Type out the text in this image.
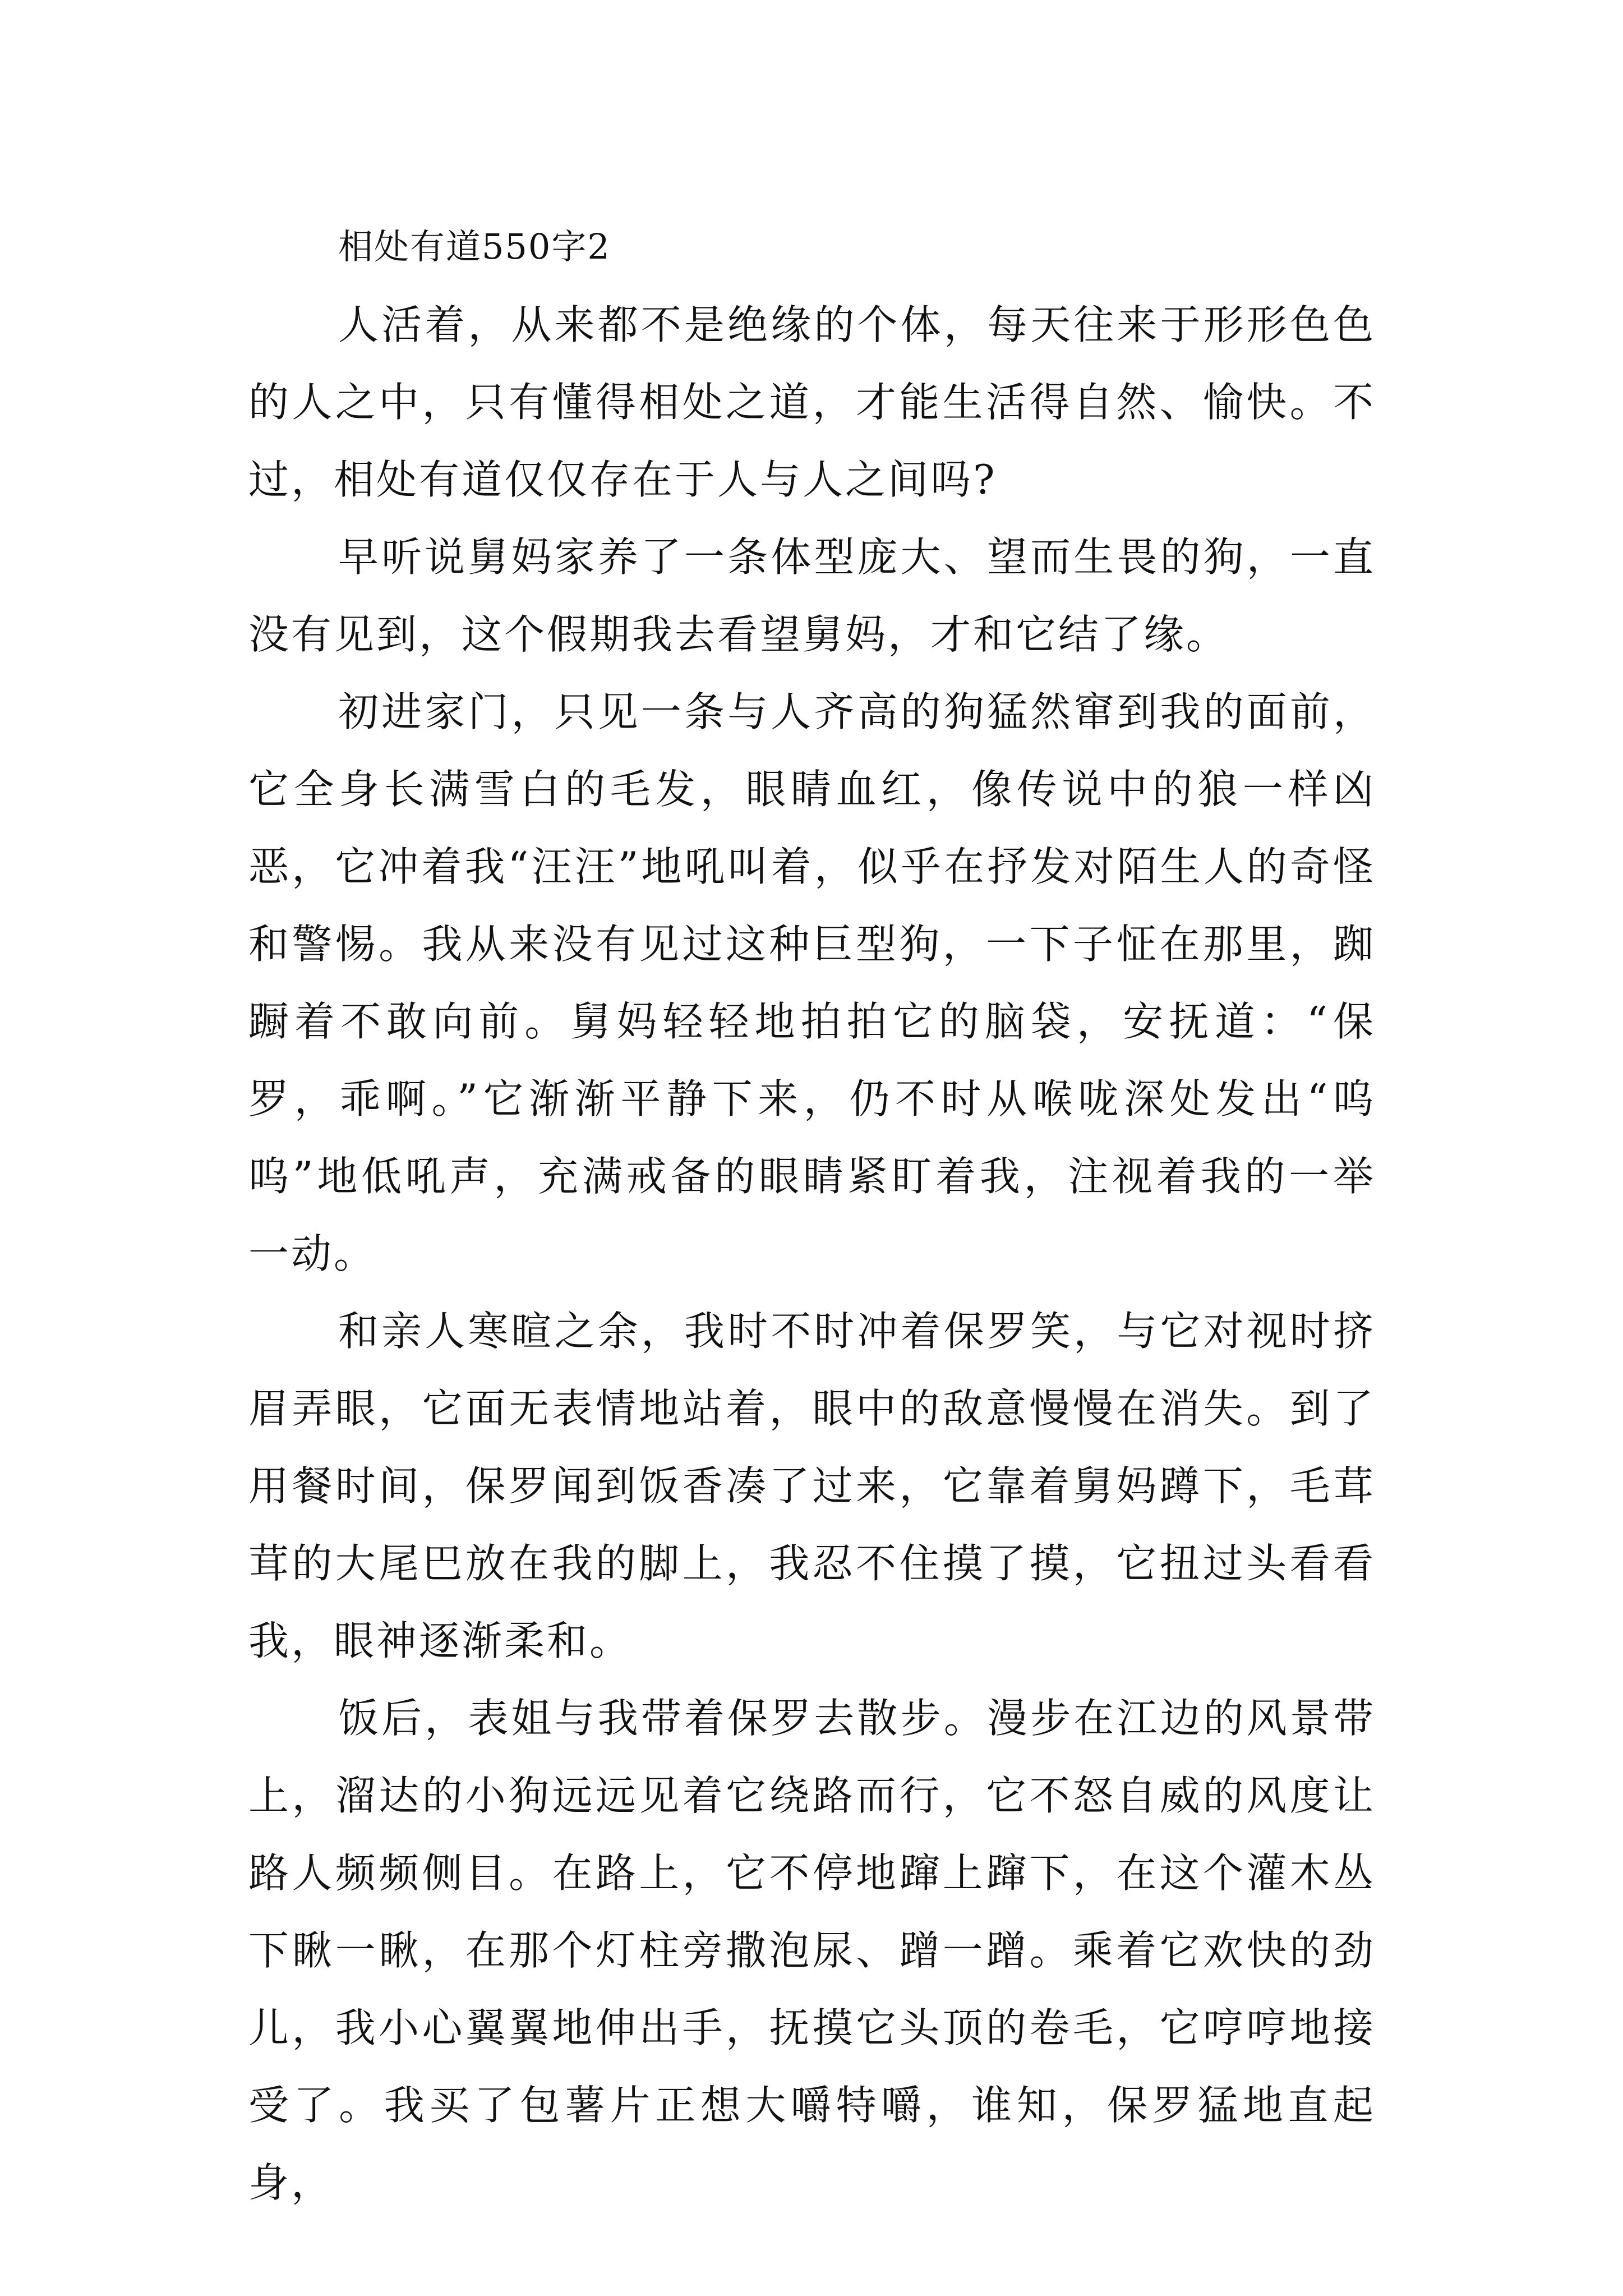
相处有道550字2

人活着，从来都不是绝缘的个体，每天往来于形形色色的人之中，只有懂得相处之道，才能生活得自然、愉快。不过，相处有道仅仅存在于人与人之间吗?

早听说舅妈家养了一条体型庞大、望而生畏的狗，一直没有见到，这个假期我去看望舅妈，才和它结了缘。

初进家门，只见一条与人齐高的狗猛然窜到我的面前，它全身长满雪白的毛发，眼睛血红，像传说中的狼一样凶恶，它冲着我“汪汪”地吼叫着，似乎在抒发对陌生人的奇怪和警惕。我从来没有见过这种巨型狗，一下子怔在那里，踟蹰着不敢向前。舅妈轻轻地拍拍它的脑袋，安抚道：“保罗，乖啊。”它渐渐平静下来，仍不时从喉咙深处发出“呜呜”地低吼声，充满戒备的眼睛紧盯着我，注视着我的一举一动。

和亲人寒暄之余，我时不时冲着保罗笑，与它对视时挤眉弄眼，它面无表情地站着，眼中的敌意慢慢在消失。到了用餐时间，保罗闻到饭香凑了过来，它靠着舅妈蹲下，毛茸茸的大尾巴放在我的脚上，我忍不住摸了摸，它扭过头看看我，眼神逐渐柔和。

饭后，表姐与我带着保罗去散步。漫步在江边的风景带上，溜达的小狗远远见着它绕路而行，它不怒自威的风度让路人频频侧目。在路上，它不停地蹿上蹿下，在这个灌木丛下瞅一瞅，在那个灯柱旁撒泡尿、蹭一蹭。乘着它欢快的劲儿，我小心翼翼地伸出手，抚摸它头顶的卷毛，它哼哼地接受了。我买了包薯片正想大嚼特嚼，谁知，保罗猛地直起身，
